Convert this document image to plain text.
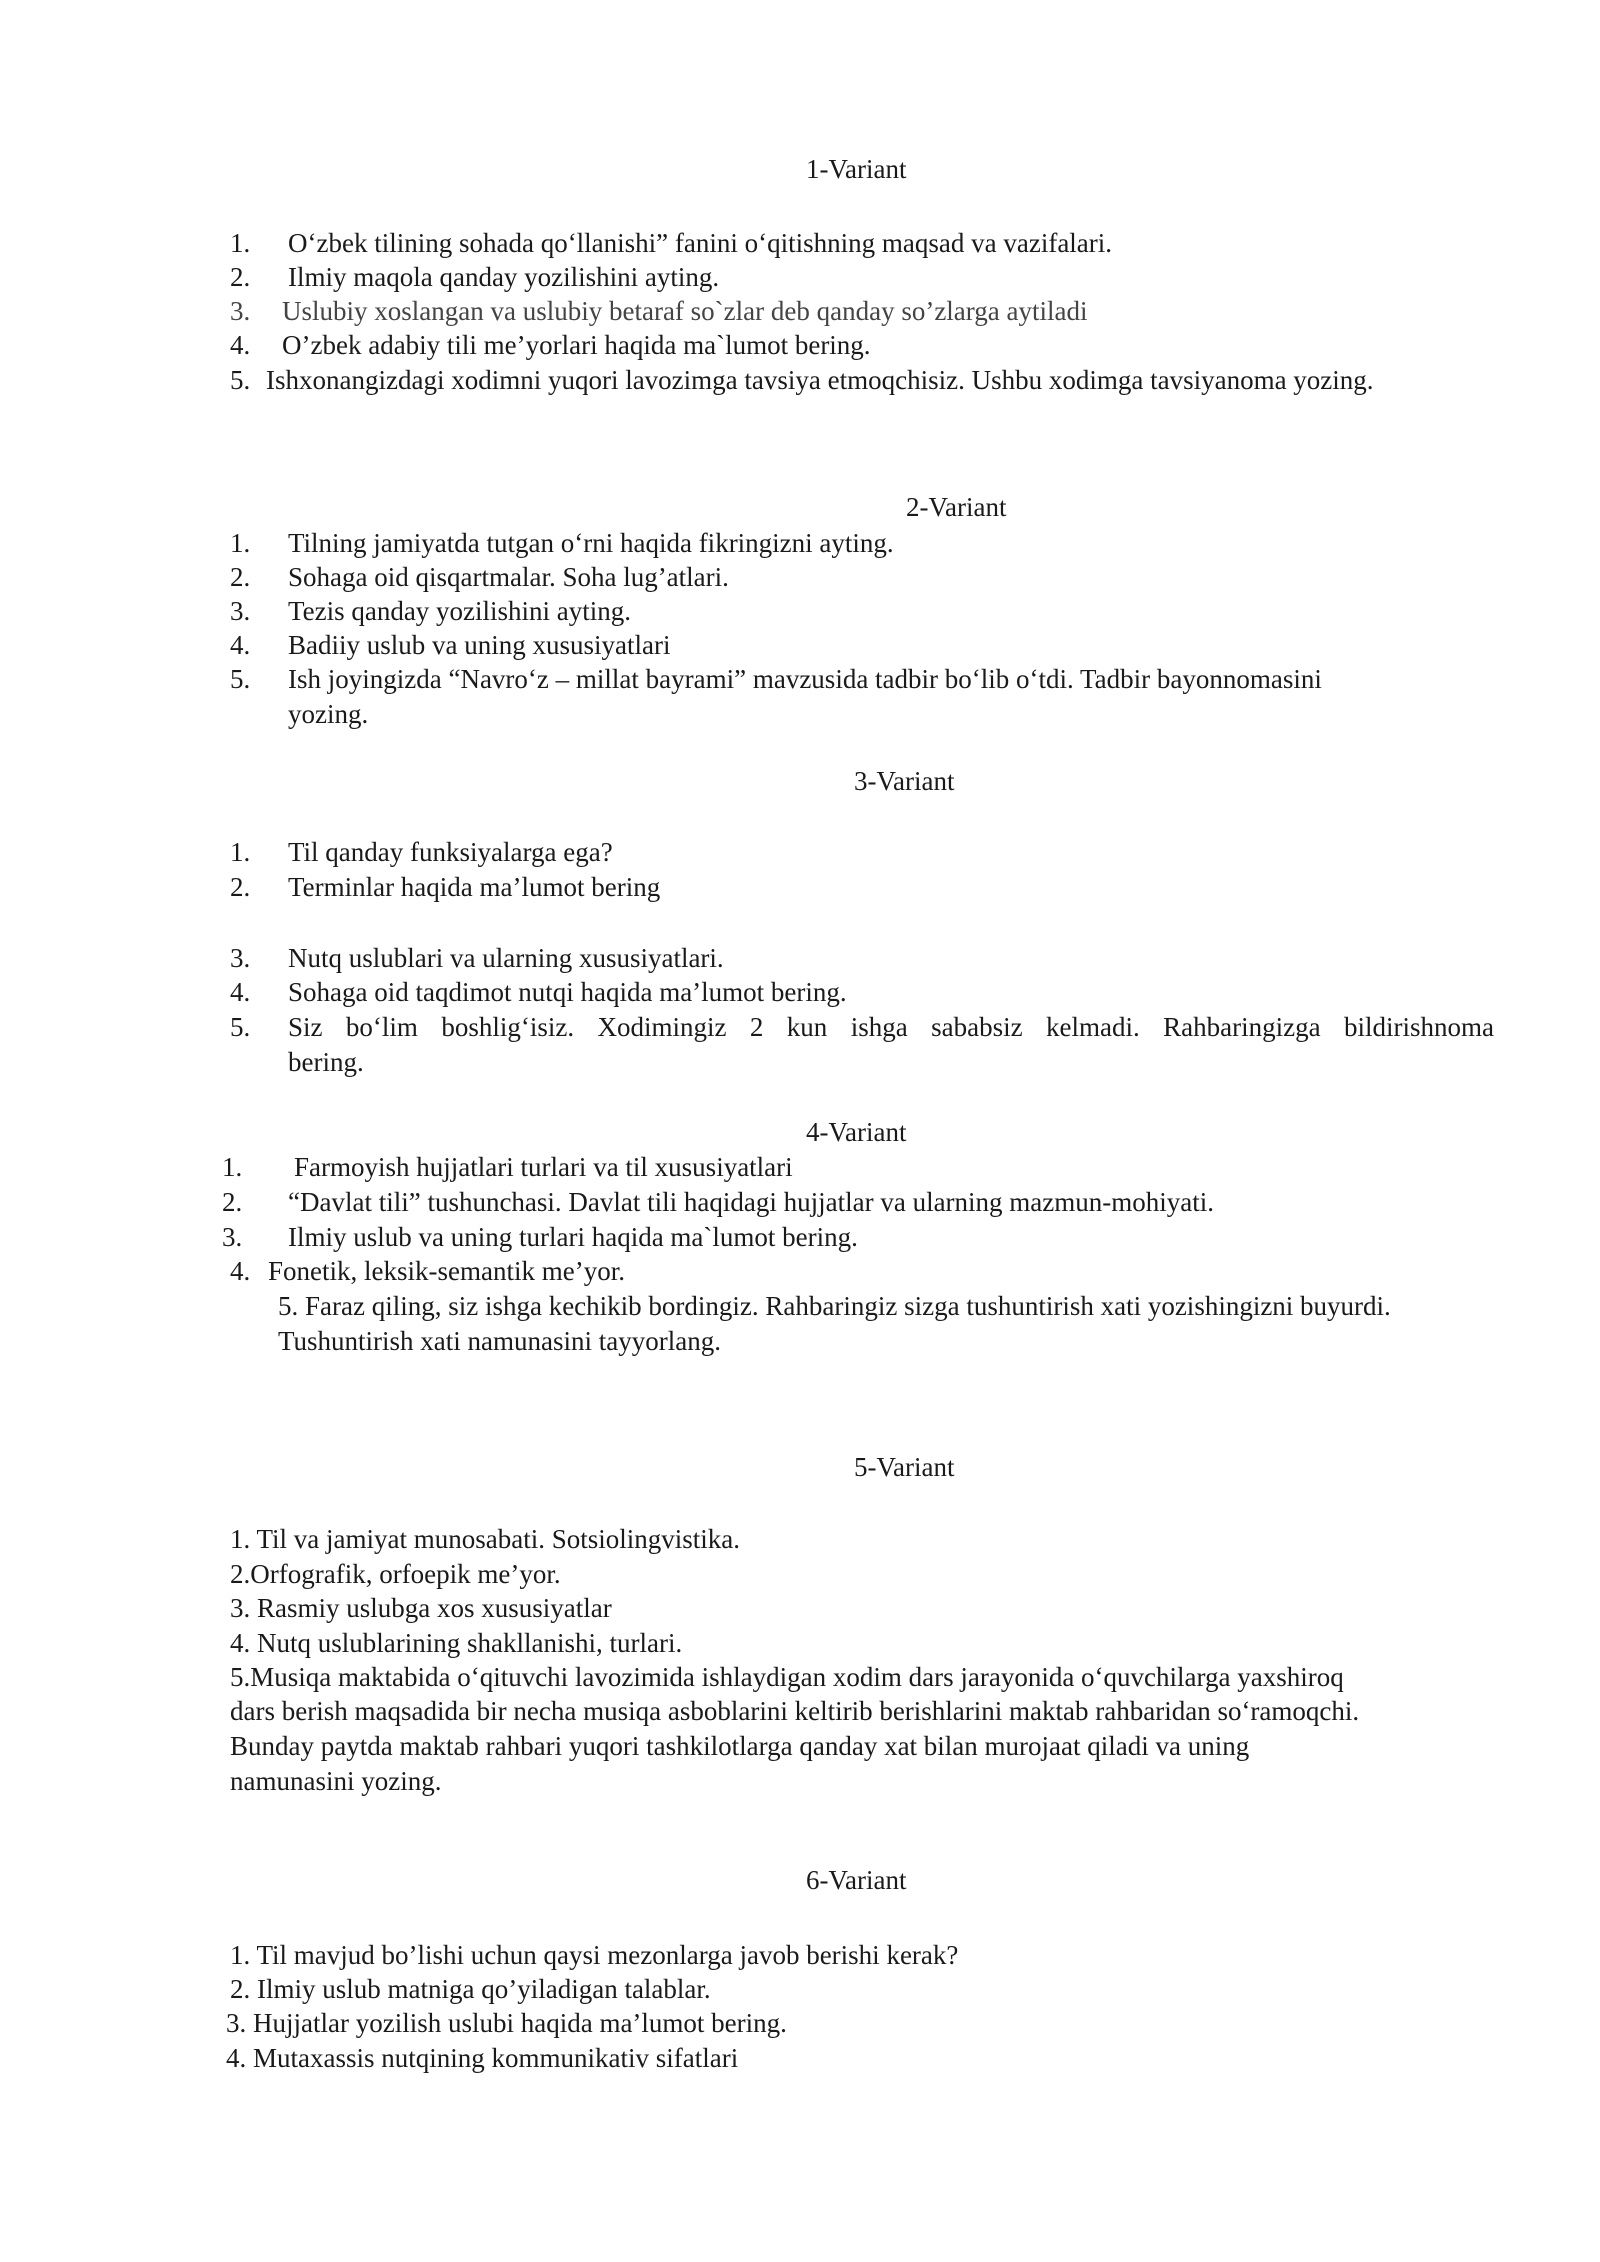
1-Variant
1. O‘zbek tilining sohada qo‘llanishi” fanini o‘qitishning maqsad va vazifalari.
2. Ilmiy maqola qanday yozilishini ayting.
3. Uslubiy xoslangan va uslubiy betaraf so`zlar deb qanday so’zlarga aytiladi
4. O’zbek adabiy tili me’yorlari haqida ma`lumot bering.
5. Ishxonangizdagi xodimni yuqori lavozimga tavsiya etmoqchisiz. Ushbu xodimga tavsiyanoma yozing.
2-Variant
1. Tilning jamiyatda tutgan o‘rni haqida fikringizni ayting.
2. Sohaga oid qisqartmalar. Soha lug’atlari.
3. Tezis qanday yozilishini ayting.
4. Badiiy uslub va uning xususiyatlari
5. Ish joyingizda “Navro‘z – millat bayrami” mavzusida tadbir bo‘lib o‘tdi. Tadbir bayonnomasini
yozing.
3-Variant
1. Til qanday funksiyalarga ega?
2. Terminlar haqida ma’lumot bering
3. Nutq uslublari va ularning xususiyatlari.
4. Sohaga oid taqdimot nutqi haqida ma’lumot bering.
5. Siz bo‘lim boshlig‘isiz. Xodimingiz 2 kun ishga sababsiz kelmadi. Rahbaringizga bildirishnoma
bering.
4-Variant
1. Farmoyish hujjatlari turlari va til xususiyatlari
2. “Davlat tili” tushunchasi. Davlat tili haqidagi hujjatlar va ularning mazmun-mohiyati.
3. Ilmiy uslub va uning turlari haqida ma`lumot bering.
4. Fonetik, leksik-semantik me’yor.
5. Faraz qiling, siz ishga kechikib bordingiz. Rahbaringiz sizga tushuntirish xati yozishingizni buyurdi.
Tushuntirish xati namunasini tayyorlang.
5-Variant
1. Til va jamiyat munosabati. Sotsiolingvistika.
2.Orfografik, orfoepik me’yor.
3. Rasmiy uslubga xos xususiyatlar
4. Nutq uslublarining shakllanishi, turlari.
5.Musiqa maktabida o‘qituvchi lavozimida ishlaydigan xodim dars jarayonida o‘quvchilarga yaxshiroq
dars berish maqsadida bir necha musiqa asboblarini keltirib berishlarini maktab rahbaridan so‘ramoqchi.
Bunday paytda maktab rahbari yuqori tashkilotlarga qanday xat bilan murojaat qiladi va uning
namunasini yozing.
6-Variant
1. Til mavjud bo’lishi uchun qaysi mezonlarga javob berishi kerak?
2. Ilmiy uslub matniga qo’yiladigan talablar.
3. Hujjatlar yozilish uslubi haqida ma’lumot bering.
4. Mutaxassis nutqining kommunikativ sifatlari
